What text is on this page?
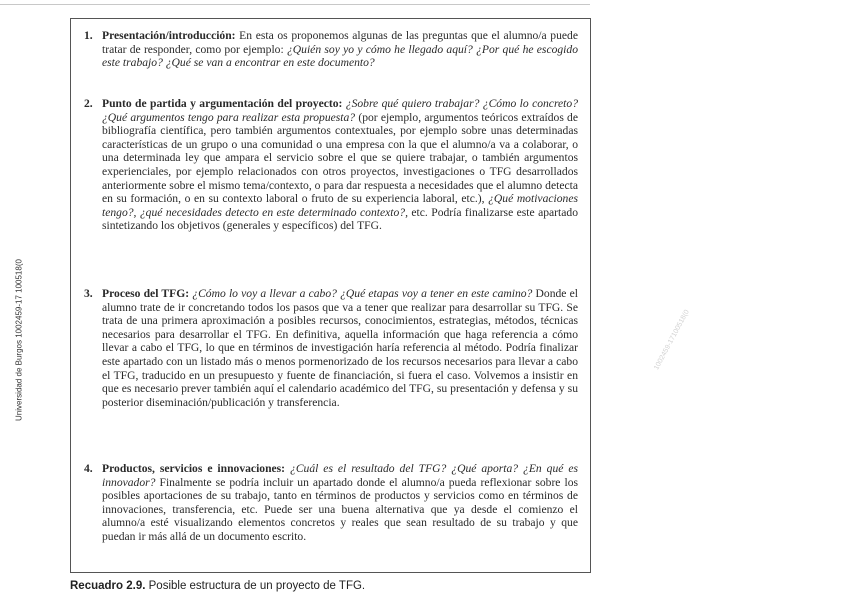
Universidad de Burgos 1002459-17 100518(0	1002459-17100518(0
1. Presentación/introducción: En esta os proponemos algunas de las preguntas que el alumno/a puede tratar de responder, como por ejemplo: ¿Quién soy yo y cómo he llegado aquí? ¿Por qué he escogido este trabajo? ¿Qué se van a encontrar en este documento?
2. Punto de partida y argumentación del proyecto: ¿Sobre qué quiero trabajar? ¿Cómo lo concreto? ¿Qué argumentos tengo para realizar esta propuesta? (por ejemplo, argumentos teóricos extraídos de bibliografía científica, pero también argumentos contextuales, por ejemplo sobre unas determinadas características de un grupo o una comunidad o una empresa con la que el alumno/a va a colaborar, o una determinada ley que ampara el servicio sobre el que se quiere trabajar, o también argumentos experienciales, por ejemplo relacionados con otros proyectos, investigaciones o TFG desarrollados anteriormente sobre el mismo tema/contexto, o para dar respuesta a necesidades que el alumno detecta en su formación, o en su contexto laboral o fruto de su experiencia laboral, etc.), ¿Qué motivaciones tengo?, ¿qué necesidades detecto en este determinado contexto?, etc. Podría finalizarse este apartado sintetizando los objetivos (generales y específicos) del TFG.
3. Proceso del TFG: ¿Cómo lo voy a llevar a cabo? ¿Qué etapas voy a tener en este camino? Donde el alumno trate de ir concretando todos los pasos que va a tener que realizar para desarrollar su TFG. Se trata de una primera aproximación a posibles recursos, conocimientos, estrategias, métodos, técnicas necesarios para desarrollar el TFG. En definitiva, aquella información que haga referencia a cómo llevar a cabo el TFG, lo que en términos de investigación haría referencia al método. Podría finalizar este apartado con un listado más o menos pormenorizado de los recursos necesarios para llevar a cabo el TFG, traducido en un presupuesto y fuente de financiación, si fuera el caso. Volvemos a insistir en que es necesario prever también aquí el calendario académico del TFG, su presentación y defensa y su posterior diseminación/publicación y transferencia.
4. Productos, servicios e innovaciones: ¿Cuál es el resultado del TFG? ¿Qué aporta? ¿En qué es innovador? Finalmente se podría incluir un apartado donde el alumno/a pueda reflexionar sobre los posibles aportaciones de su trabajo, tanto en términos de productos y servicios como en términos de innovaciones, transferencia, etc. Puede ser una buena alternativa que ya desde el comienzo el alumno/a esté visualizando elementos concretos y reales que sean resultado de su trabajo y que puedan ir más allá de un documento escrito.
Recuadro 2.9. Posible estructura de un proyecto de TFG.
